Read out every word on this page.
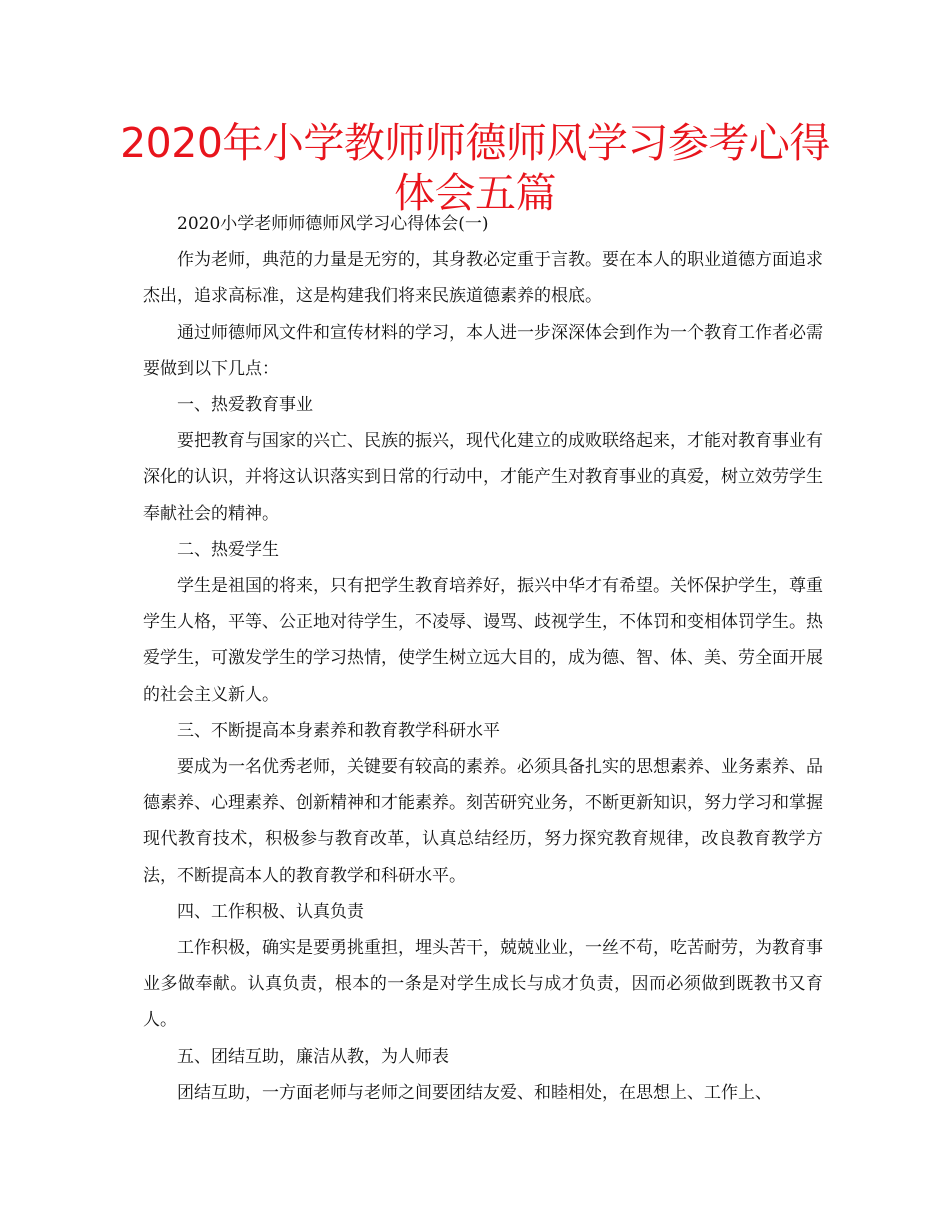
2020年小学教师师德师风学习参考心得体会五篇

2020小学老师师德师风学习心得体会(一)

作为老师，典范的力量是无穷的，其身教必定重于言教。要在本人的职业道德方面追求杰出，追求高标准，这是构建我们将来民族道德素养的根底。

通过师德师风文件和宣传材料的学习，本人进一步深深体会到作为一个教育工作者必需要做到以下几点：

一、热爱教育事业

要把教育与国家的兴亡、民族的振兴，现代化建立的成败联络起来，才能对教育事业有深化的认识，并将这认识落实到日常的行动中，才能产生对教育事业的真爱，树立效劳学生奉献社会的精神。

二、热爱学生

学生是祖国的将来，只有把学生教育培养好，振兴中华才有希望。关怀保护学生，尊重学生人格，平等、公正地对待学生，不凌辱、谩骂、歧视学生，不体罚和变相体罚学生。热爱学生，可激发学生的学习热情，使学生树立远大目的，成为德、智、体、美、劳全面开展的社会主义新人。

三、不断提高本身素养和教育教学科研水平

要成为一名优秀老师，关键要有较高的素养。必须具备扎实的思想素养、业务素养、品德素养、心理素养、创新精神和才能素养。刻苦研究业务，不断更新知识，努力学习和掌握现代教育技术，积极参与教育改革，认真总结经历，努力探究教育规律，改良教育教学方法，不断提高本人的教育教学和科研水平。

四、工作积极、认真负责

工作积极，确实是要勇挑重担，埋头苦干，兢兢业业，一丝不苟，吃苦耐劳，为教育事业多做奉献。认真负责，根本的一条是对学生成长与成才负责，因而必须做到既教书又育人。

五、团结互助，廉洁从教，为人师表

团结互助，一方面老师与老师之间要团结友爱、和睦相处，在思想上、工作上、
